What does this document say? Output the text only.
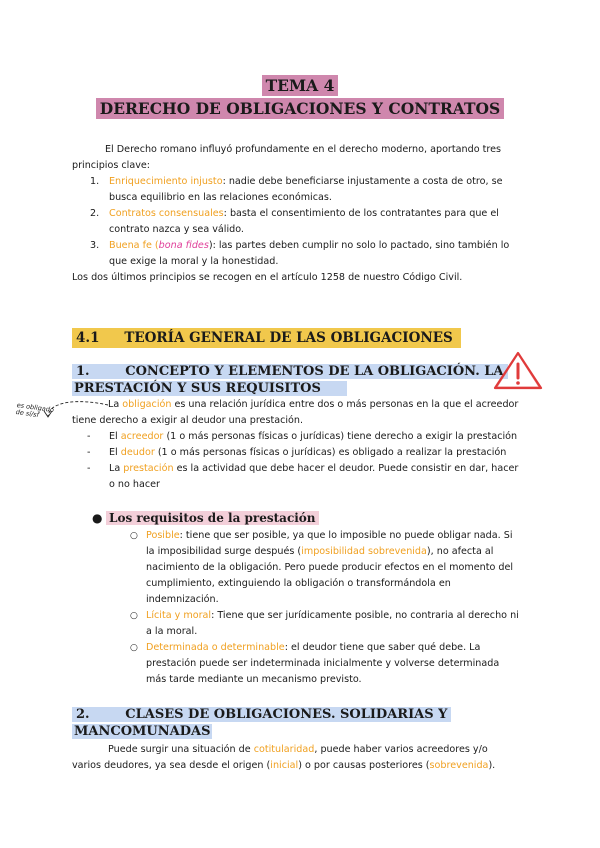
TEMA 4
DERECHO DE OBLIGACIONES Y CONTRATOS

El Derecho romano influyó profundamente en el derecho moderno, aportando tres

principios clave:

1. Enriquecimiento injusto: nadie debe beneficiarse injustamente a costa de otro, se
busca equilibrio en las relaciones económicas.
2. Contratos consensuales: basta el consentimiento de los contratantes para que el
contrato nazca y sea válido.
3. Buena fe (bona fides): las partes deben cumplir no solo lo pactado, sino también lo
que exige la moral y la honestidad.
Los dos últimos principios se recogen en el artículo 1258 de nuestro Código Civil.
4.1 TEORÍA GENERAL DE LAS OBLIGACIONES
1.	CONCEPTO Y ELEMENTOS DE LA OBLIGACIÓN. LA
PRESTACIÓN Y SUS REQUISITOS
es obligado de sí/sf
La obligación es una relación jurídica entre dos o más personas en la que el acreedor
tiene derecho a exigir al deudor una prestación.
- El acreedor (1 o más personas físicas o jurídicas) tiene derecho a exigir la prestación
- El deudor (1 o más personas físicas o jurídicas) es obligado a realizar la prestación
- La prestación es la actividad que debe hacer el deudor. Puede consistir en dar, hacer
o no hacer
● Los requisitos de la prestación
○ Posible: tiene que ser posible, ya que lo imposible no puede obligar nada. Si
la imposibilidad surge después (imposibilidad sobrevenida), no afecta al
nacimiento de la obligación. Pero puede producir efectos en el momento del
cumplimiento, extinguiendo la obligación o transformándola en
indemnización.
○ Lícita y moral: Tiene que ser jurídicamente posible, no contraria al derecho ni
a la moral.
○ Determinada o determinable: el deudor tiene que saber qué debe. La
prestación puede ser indeterminada inicialmente y volverse determinada
más tarde mediante un mecanismo previsto.
2.	CLASES DE OBLIGACIONES. SOLIDARIAS Y
MANCOMUNADAS
Puede surgir una situación de cotitularidad, puede haber varios acreedores y/o
varios deudores, ya sea desde el origen (inicial) o por causas posteriores (sobrevenida).
